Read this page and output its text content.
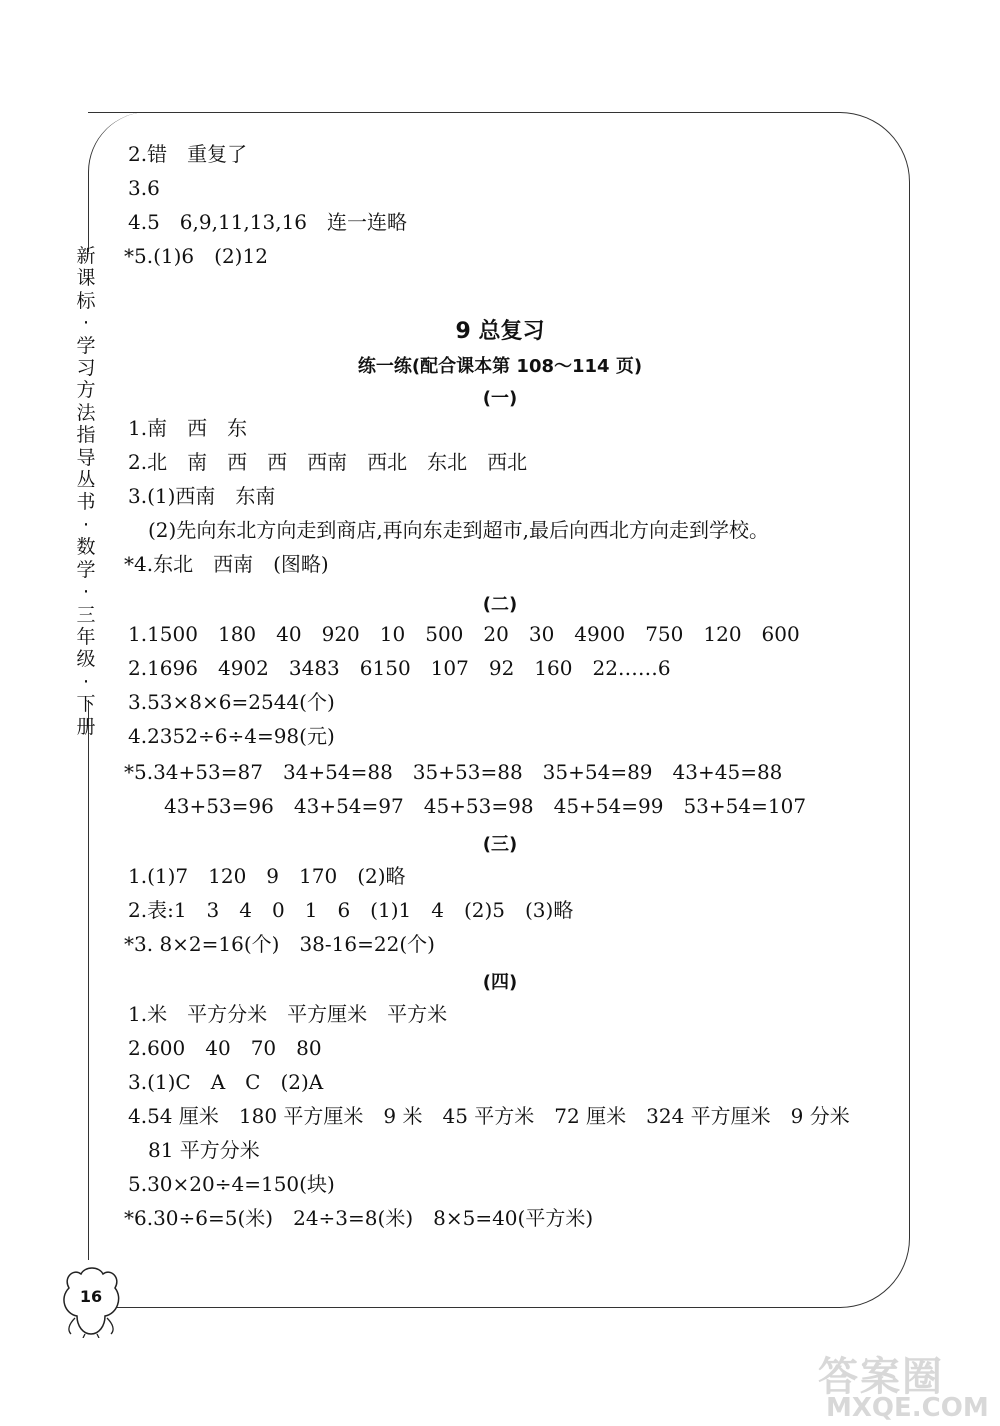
新
课
标
·
学
习
方
法
指
导
丛
书
·
数
学
·
三
年
级
·
下
册
2.错　重复了
3.6
4.5　6,9,11,13,16　连一连略
*5.(1)6　(2)12
9 总复习
练一练(配合课本第 108～114 页)
(一)
1.南　西　东
2.北　南　西　西　西南　西北　东北　西北
3.(1)西南　东南
(2)先向东北方向走到商店,再向东走到超市,最后向西北方向走到学校。
*4.东北　西南　(图略)
(二)
1.1500　180　40　920　10　500　20　30　4900　750　120　600
2.1696　4902　3483　6150　107　92　160　22……6
3.53×8×6=2544(个)
4.2352÷6÷4=98(元)
*5.34+53=87　34+54=88　35+53=88　35+54=89　43+45=88
43+53=96　43+54=97　45+53=98　45+54=99　53+54=107
(三)
1.(1)7　120　9　170　(2)略
2.表:1　3　4　0　1　6　(1)1　4　(2)5　(3)略
*3. 8×2=16(个)　38-16=22(个)
(四)
1.米　平方分米　平方厘米　平方米
2.600　40　70　80
3.(1)C　A　C　(2)A
4.54 厘米　180 平方厘米　9 米　45 平方米　72 厘米　324 平方厘米　9 分米
81 平方分米
5.30×20÷4=150(块)
*6.30÷6=5(米)　24÷3=8(米)　8×5=40(平方米)
16
答案圈
MXQE.COM
